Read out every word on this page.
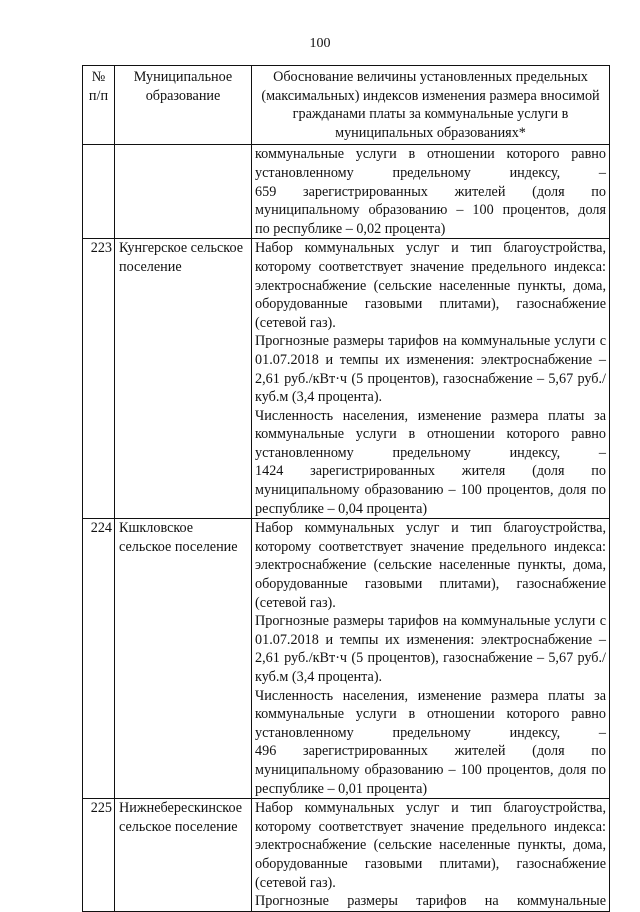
100
№ п/п	Муниципальное образование	Обоснование величины установленных предельных (максимальных) индексов изменения размера вносимой гражданами платы за коммунальные услуги в муниципальных образованиях*

		коммунальные услуги в отношении которого равно

установленному предельному индексу, –

659 зарегистрированных жителей (доля по

муниципальному образованию – 100 процентов, доля

по республике – 0,02 процента)

223	Кунгерское сельское поселение	Набор коммунальных услуг и тип благоустройства, которому соответствует значение предельного индекса: электроснабжение (сельские населенные пункты, дома, оборудованные газовыми плитами), газоснабжение (сетевой газ).

Прогнозные размеры тарифов на коммунальные услуги с 01.07.2018 и темпы их изменения: электроснабжение – 2,61 руб./кВт·ч (5 процентов), газоснабжение – 5,67 руб./куб.м (3,4 процента).

Численность населения, изменение размера платы за коммунальные услуги в отношении которого равно установленному предельному индексу, –

1424 зарегистрированных жителя (доля по муниципальному образованию – 100 процентов, доля по республике – 0,04 процента)

224	Кшкловское сельское поселение	Набор коммунальных услуг и тип благоустройства, которому соответствует значение предельного индекса: электроснабжение (сельские населенные пункты, дома, оборудованные газовыми плитами), газоснабжение (сетевой газ).

Прогнозные размеры тарифов на коммунальные услуги с 01.07.2018 и темпы их изменения: электроснабжение – 2,61 руб./кВт·ч (5 процентов), газоснабжение – 5,67 руб./куб.м (3,4 процента).

Численность населения, изменение размера платы за коммунальные услуги в отношении которого равно установленному предельному индексу, –

496 зарегистрированных жителей (доля по муниципальному образованию – 100 процентов, доля по республике – 0,01 процента)

225	Нижнеберескинское сельское поселение	Набор коммунальных услуг и тип благоустройства, которому соответствует значение предельного индекса: электроснабжение (сельские населенные пункты, дома, оборудованные газовыми плитами), газоснабжение (сетевой газ).

Прогнозные размеры тарифов на коммунальные
